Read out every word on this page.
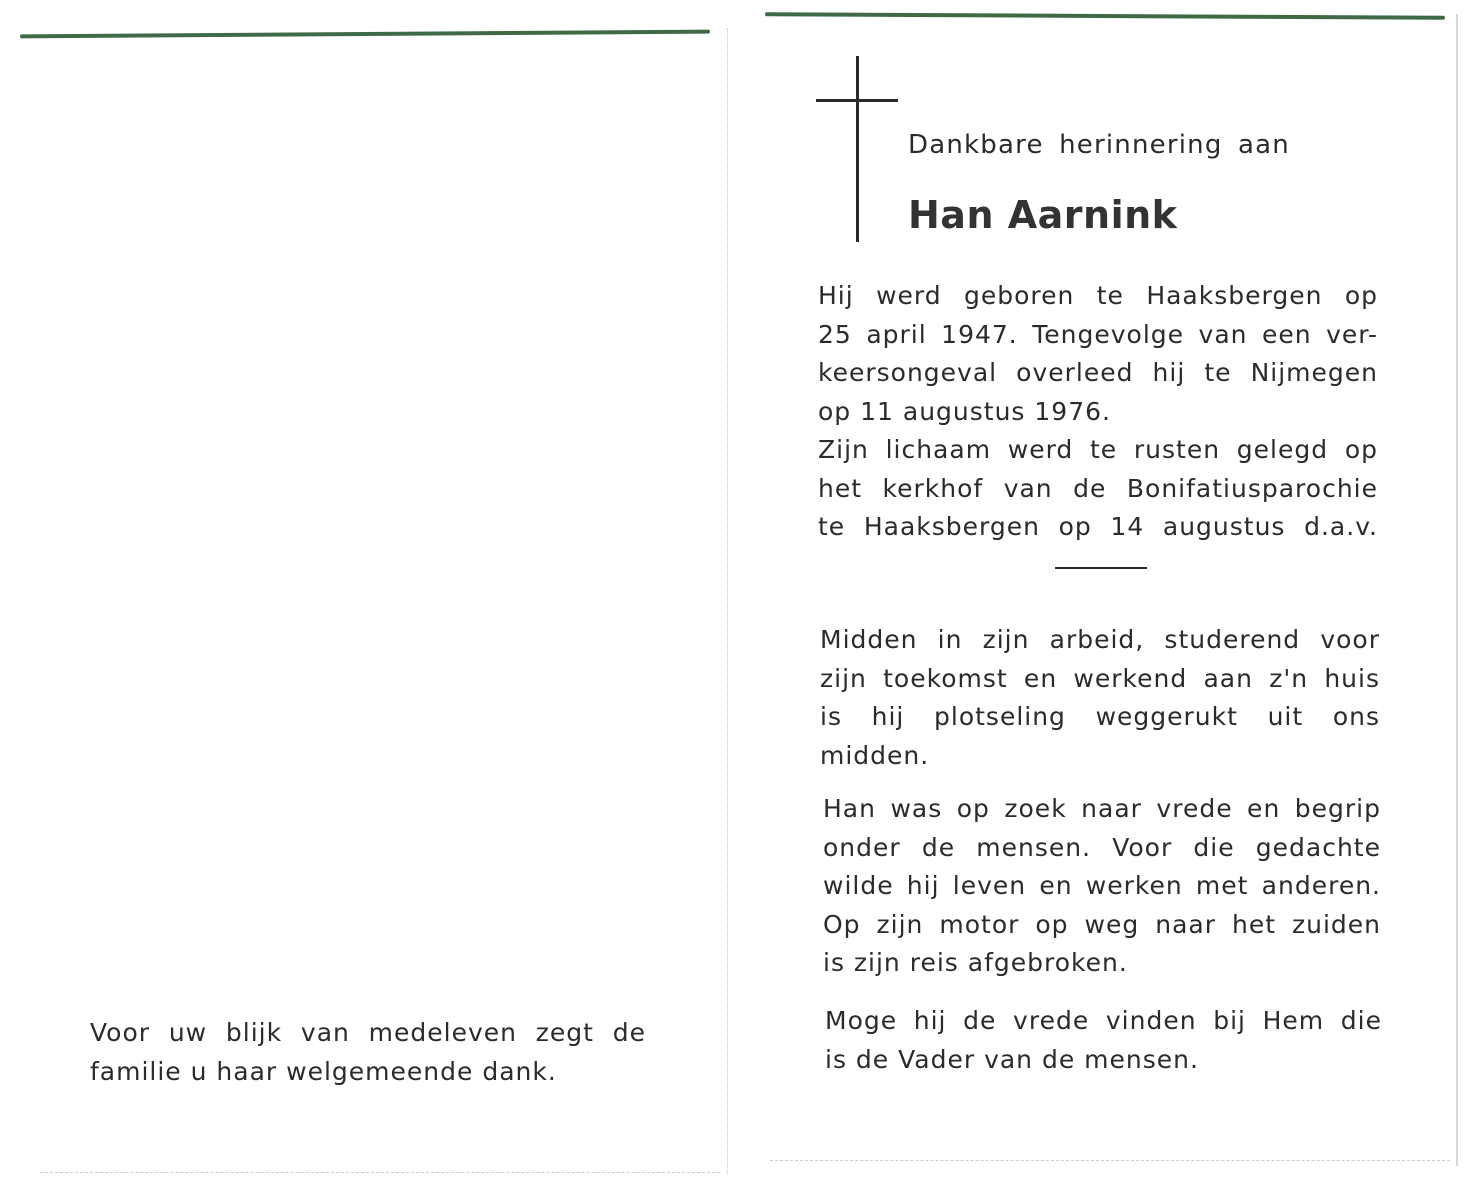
Dankbare herinnering aan

Han Aarnink

Hij werd geboren te Haaksbergen op
25 april 1947. Tengevolge van een ver-
keersongeval overleed hij te Nijmegen
op 11 augustus 1976.
Zijn lichaam werd te rusten gelegd op
het kerkhof van de Bonifatiusparochie
te Haaksbergen op 14 augustus d.a.v.

Midden in zijn arbeid, studerend voor
zijn toekomst en werkend aan z'n huis
is hij plotseling weggerukt uit ons
midden.

Han was op zoek naar vrede en begrip
onder de mensen. Voor die gedachte
wilde hij leven en werken met anderen.
Op zijn motor op weg naar het zuiden
is zijn reis afgebroken.

Moge hij de vrede vinden bij Hem die
is de Vader van de mensen.

Voor uw blijk van medeleven zegt de
familie u haar welgemeende dank.
